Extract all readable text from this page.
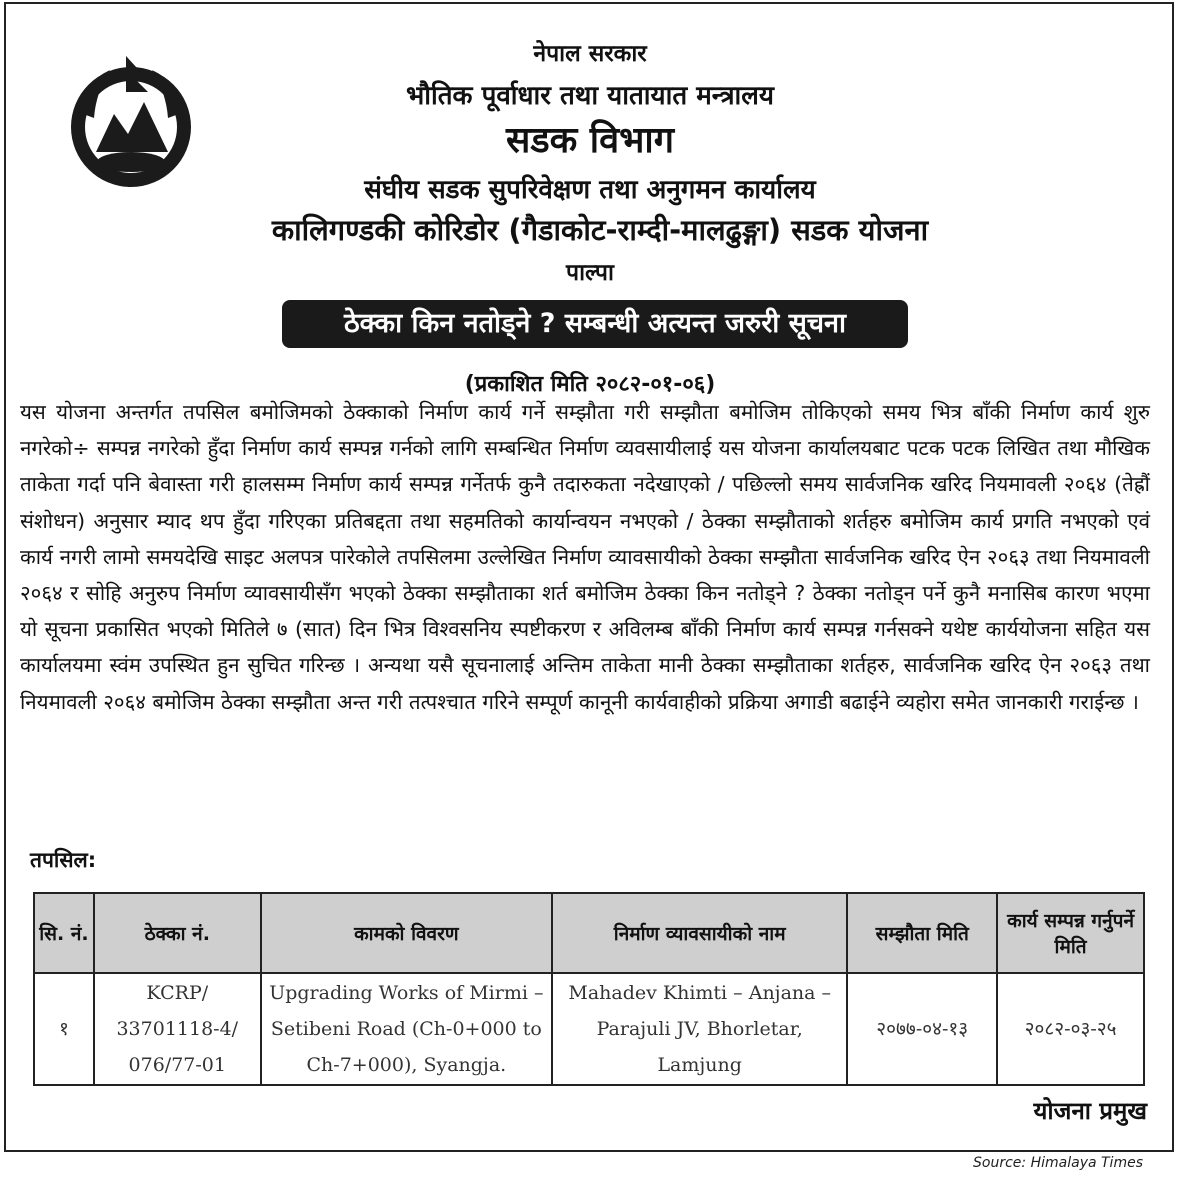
नेपाल सरकार
भौतिक पूर्वाधार तथा यातायात मन्त्रालय
सडक विभाग
संघीय सडक सुपरिवेक्षण तथा अनुगमन कार्यालय
कालिगण्डकी कोरिडोर (गैडाकोट-राम्दी-मालढुङ्गा) सडक योजना
पाल्पा
ठेक्का किन नतोड्ने ? सम्बन्धी अत्यन्त जरुरी सूचना
(प्रकाशित मिति २०८२-०१-०६)
यस योजना अन्तर्गत तपसिल बमोजिमको ठेक्काको निर्माण कार्य गर्ने सम्झौता गरी सम्झौता बमोजिम तोकिएको समय भित्र बाँकी निर्माण कार्य शुरु नगरेको÷ सम्पन्न नगरेको हुँदा निर्माण कार्य सम्पन्न गर्नको लागि सम्बन्धित निर्माण व्यवसायीलाई यस योजना कार्यालयबाट पटक पटक लिखित तथा मौखिक ताकेता गर्दा पनि बेवास्ता गरी हालसम्म निर्माण कार्य सम्पन्न गर्नेतर्फ कुनै तदारुकता नदेखाएको / पछिल्लो समय सार्वजनिक खरिद नियमावली २०६४ (तेह्रौं संशोधन) अनुसार म्याद थप हुँदा गरिएका प्रतिबद्दता तथा सहमतिको कार्यान्वयन नभएको / ठेक्का सम्झौताको शर्तहरु बमोजिम कार्य प्रगति नभएको एवं कार्य नगरी लामो समयदेखि साइट अलपत्र पारेकोले तपसिलमा उल्लेखित निर्माण व्यावसायीको ठेक्का सम्झौता सार्वजनिक खरिद ऐन २०६३ तथा नियमावली २०६४ र सोहि अनुरुप निर्माण व्यावसायीसँग भएको ठेक्का सम्झौताका शर्त बमोजिम ठेक्का किन नतोड्ने ? ठेक्का नतोड्न पर्ने कुनै मनासिब कारण भएमा यो सूचना प्रकासित भएको मितिले ७ (सात) दिन भित्र विश्वसनिय स्पष्टीकरण र अविलम्ब बाँकी निर्माण कार्य सम्पन्न गर्नसक्ने यथेष्ट कार्ययोजना सहित यस कार्यालयमा स्वंम उपस्थित हुन सुचित गरिन्छ । अन्यथा यसै सूचनालाई अन्तिम ताकेता मानी ठेक्का सम्झौताका शर्तहरु, सार्वजनिक खरिद ऐन २०६३ तथा नियमावली २०६४ बमोजिम ठेक्का सम्झौता अन्त गरी तत्पश्चात गरिने सम्पूर्ण कानूनी कार्यवाहीको प्रक्रिया अगाडी बढाईने व्यहोरा समेत जानकारी गराईन्छ ।
तपसिल:
सि. नं.	ठेक्का नं.	कामको विवरण	निर्माण व्यावसायीको नाम	सम्झौता मिति	कार्य सम्पन्न गर्नुपर्ने मिति
१	KCRP/ 33701118-4/ 076/77-01	Upgrading Works of Mirmi – Setibeni Road (Ch-0+000 to Ch-7+000), Syangja.	Mahadev Khimti – Anjana – Parajuli JV, Bhorletar, Lamjung	२०७७-०४-१३	२०८२-०३-२५
योजना प्रमुख
Source: Himalaya Times
